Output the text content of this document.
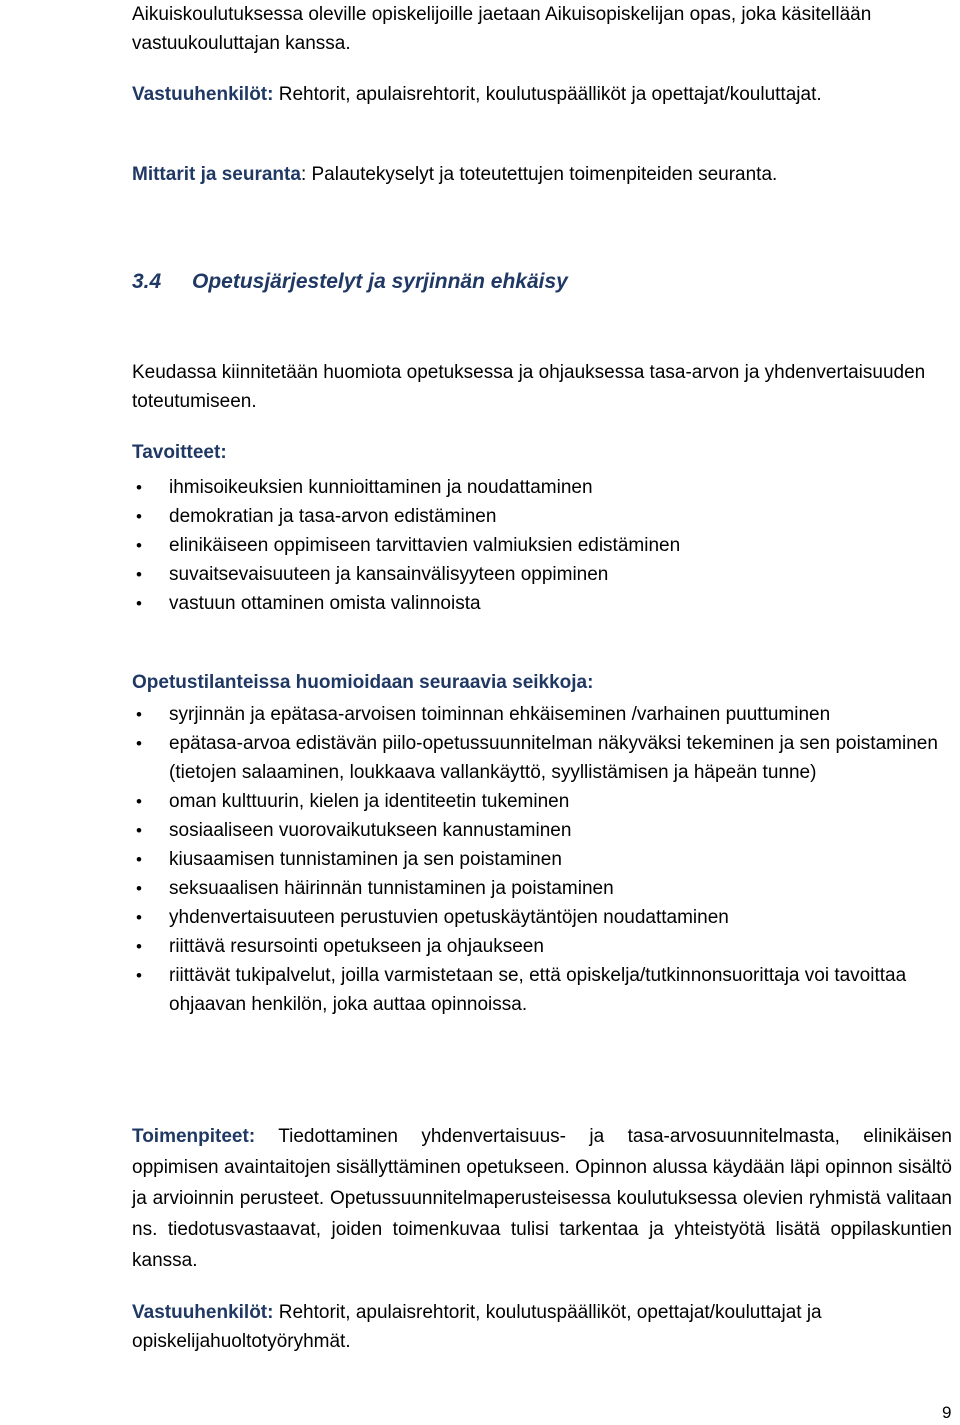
Aikuiskoulutuksessa oleville opiskelijoille jaetaan Aikuisopiskelijan opas, joka käsitellään vastuukouluttajan kanssa.

Vastuuhenkilöt: Rehtorit, apulaisrehtorit, koulutuspäälliköt ja opettajat/kouluttajat.

Mittarit ja seuranta: Palautekyselyt ja toteutettujen toimenpiteiden seuranta.

3.4 Opetusjärjestelyt ja syrjinnän ehkäisy

Keudassa kiinnitetään huomiota opetuksessa ja ohjauksessa tasa-arvon ja yhdenvertaisuuden toteutumiseen.

Tavoitteet:

• ihmisoikeuksien kunnioittaminen ja noudattaminen
• demokratian ja tasa-arvon edistäminen
• elinikäiseen oppimiseen tarvittavien valmiuksien edistäminen
• suvaitsevaisuuteen ja kansainvälisyyteen oppiminen
• vastuun ottaminen omista valinnoista

Opetustilanteissa huomioidaan seuraavia seikkoja:

• syrjinnän ja epätasa-arvoisen toiminnan ehkäiseminen /varhainen puuttuminen
• epätasa-arvoa edistävän piilo-opetussuunnitelman näkyväksi tekeminen ja sen poistaminen (tietojen salaaminen, loukkaava vallankäyttö, syyllistämisen ja häpeän tunne)
• oman kulttuurin, kielen ja identiteetin tukeminen
• sosiaaliseen vuorovaikutukseen kannustaminen
• kiusaamisen tunnistaminen ja sen poistaminen
• seksuaalisen häirinnän tunnistaminen ja poistaminen
• yhdenvertaisuuteen perustuvien opetuskäytäntöjen noudattaminen
• riittävä resursointi opetukseen ja ohjaukseen
• riittävät tukipalvelut, joilla varmistetaan se, että opiskelja/tutkinnonsuorittaja voi tavoittaa ohjaavan henkilön, joka auttaa opinnoissa.

Toimenpiteet: Tiedottaminen yhdenvertaisuus- ja tasa-arvosuunnitelmasta, elinikäisen oppimisen avaintaitojen sisällyttäminen opetukseen. Opinnon alussa käydään läpi opinnon sisältö ja arvioinnin perusteet. Opetussuunnitelmaperusteisessa koulutuksessa olevien ryhmistä valitaan ns. tiedotusvastaavat, joiden toimenkuvaa tulisi tarkentaa ja yhteistyötä lisätä oppilaskuntien kanssa.

Vastuuhenkilöt: Rehtorit, apulaisrehtorit, koulutuspäälliköt, opettajat/kouluttajat ja opiskelijahuoltotyöryhmät.

9
